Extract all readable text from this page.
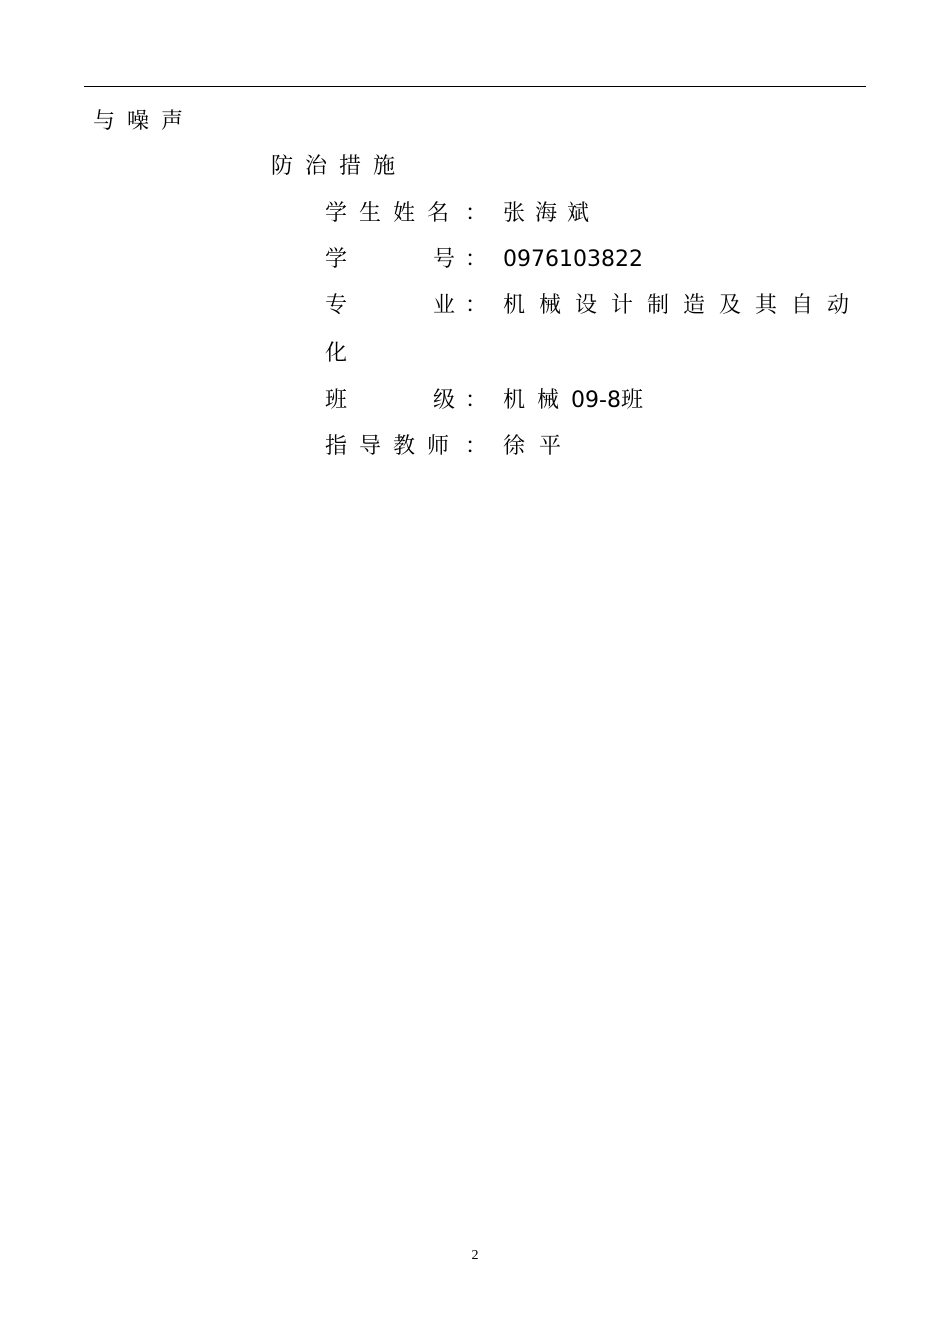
与噪声
防治措施
学生姓名 ： 张海斌
学	号 ： 0976103822
专	业 ： 机械设计制造及其自动
化
班	级 ： 机械09-8班
指导教师 ： 徐平
2
